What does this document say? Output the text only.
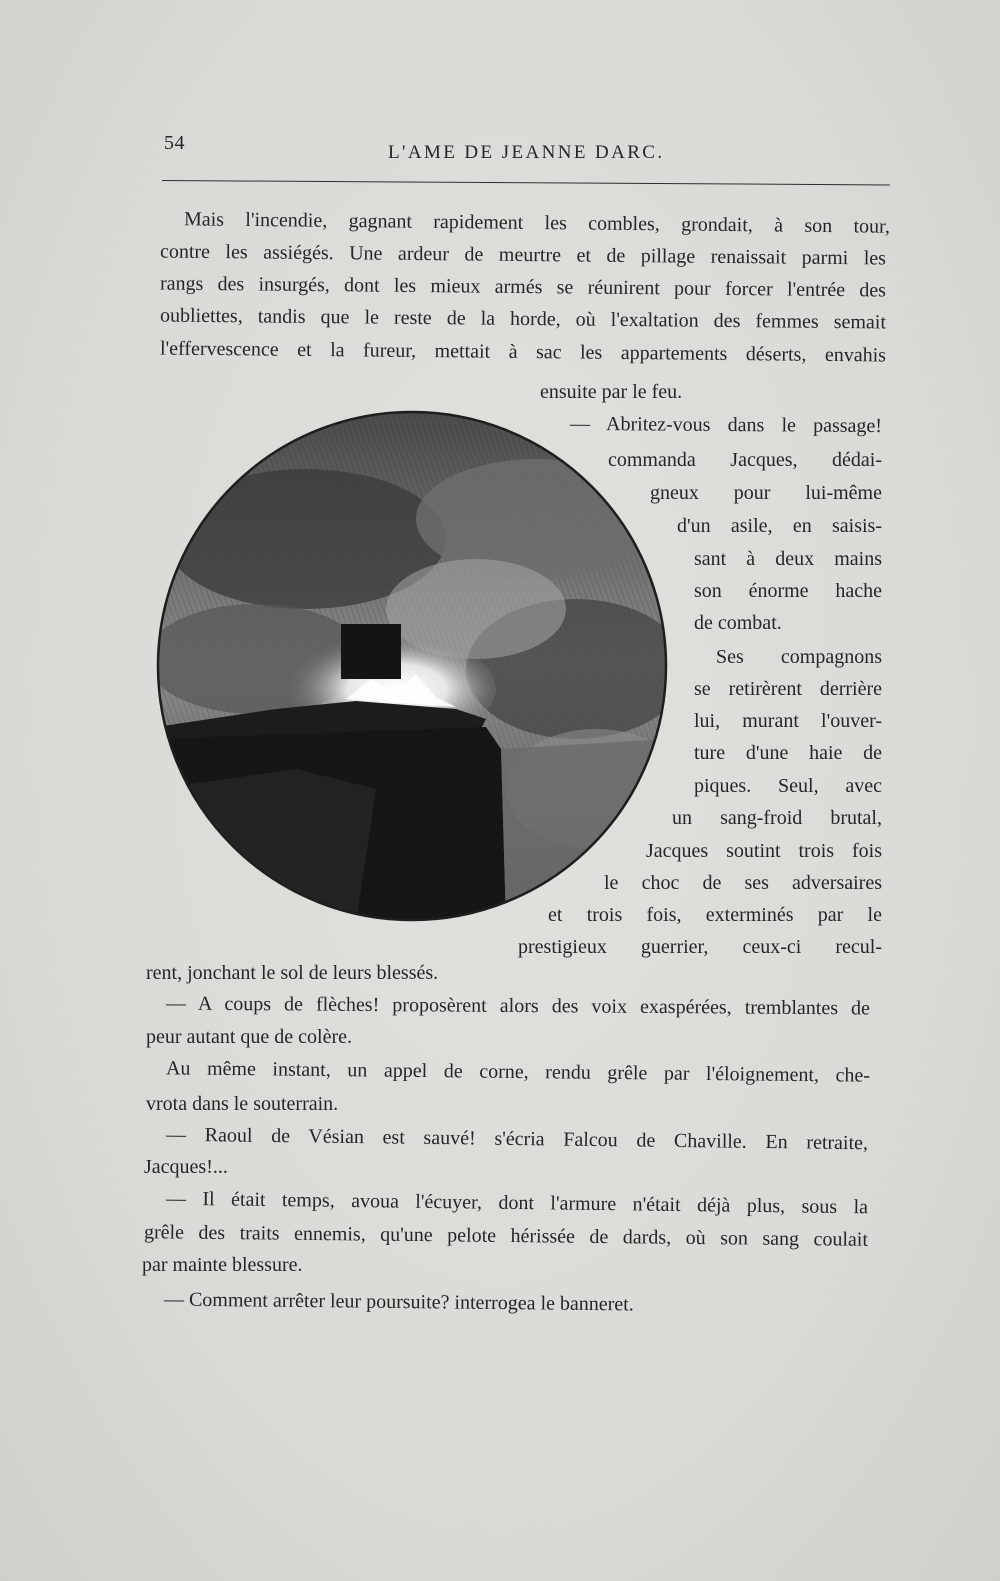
54	L'AME DE JEANNE DARC.
Mais l'incendie, gagnant rapidement les combles, grondait, à son tour,
contre les assiégés. Une ardeur de meurtre et de pillage renaissait parmi les
rangs des insurgés, dont les mieux armés se réunirent pour forcer l'entrée des
oubliettes, tandis que le reste de la horde, où l'exaltation des femmes semait
l'effervescence et la fureur, mettait à sac les appartements déserts, envahis
ensuite par le feu.
— Abritez-vous dans le passage!
commanda Jacques, dédai-
gneux pour lui-même
d'un asile, en saisis-
sant à deux mains
son énorme hache
de combat.
Ses compagnons
se retirèrent derrière
lui, murant l'ouver-
ture d'une haie de
piques. Seul, avec
un sang-froid brutal,
Jacques soutint trois fois
le choc de ses adversaires
et trois fois, exterminés par le
prestigieux guerrier, ceux-ci recul-
rent, jonchant le sol de leurs blessés.
— A coups de flèches! proposèrent alors des voix exaspérées, tremblantes de
peur autant que de colère.
Au même instant, un appel de corne, rendu grêle par l'éloignement, che-
vrota dans le souterrain.
— Raoul de Vésian est sauvé! s'écria Falcou de Chaville. En retraite,
Jacques!...
— Il était temps, avoua l'écuyer, dont l'armure n'était déjà plus, sous la
grêle des traits ennemis, qu'une pelote hérissée de dards, où son sang coulait
par mainte blessure.
— Comment arrêter leur poursuite? interrogea le banneret.
